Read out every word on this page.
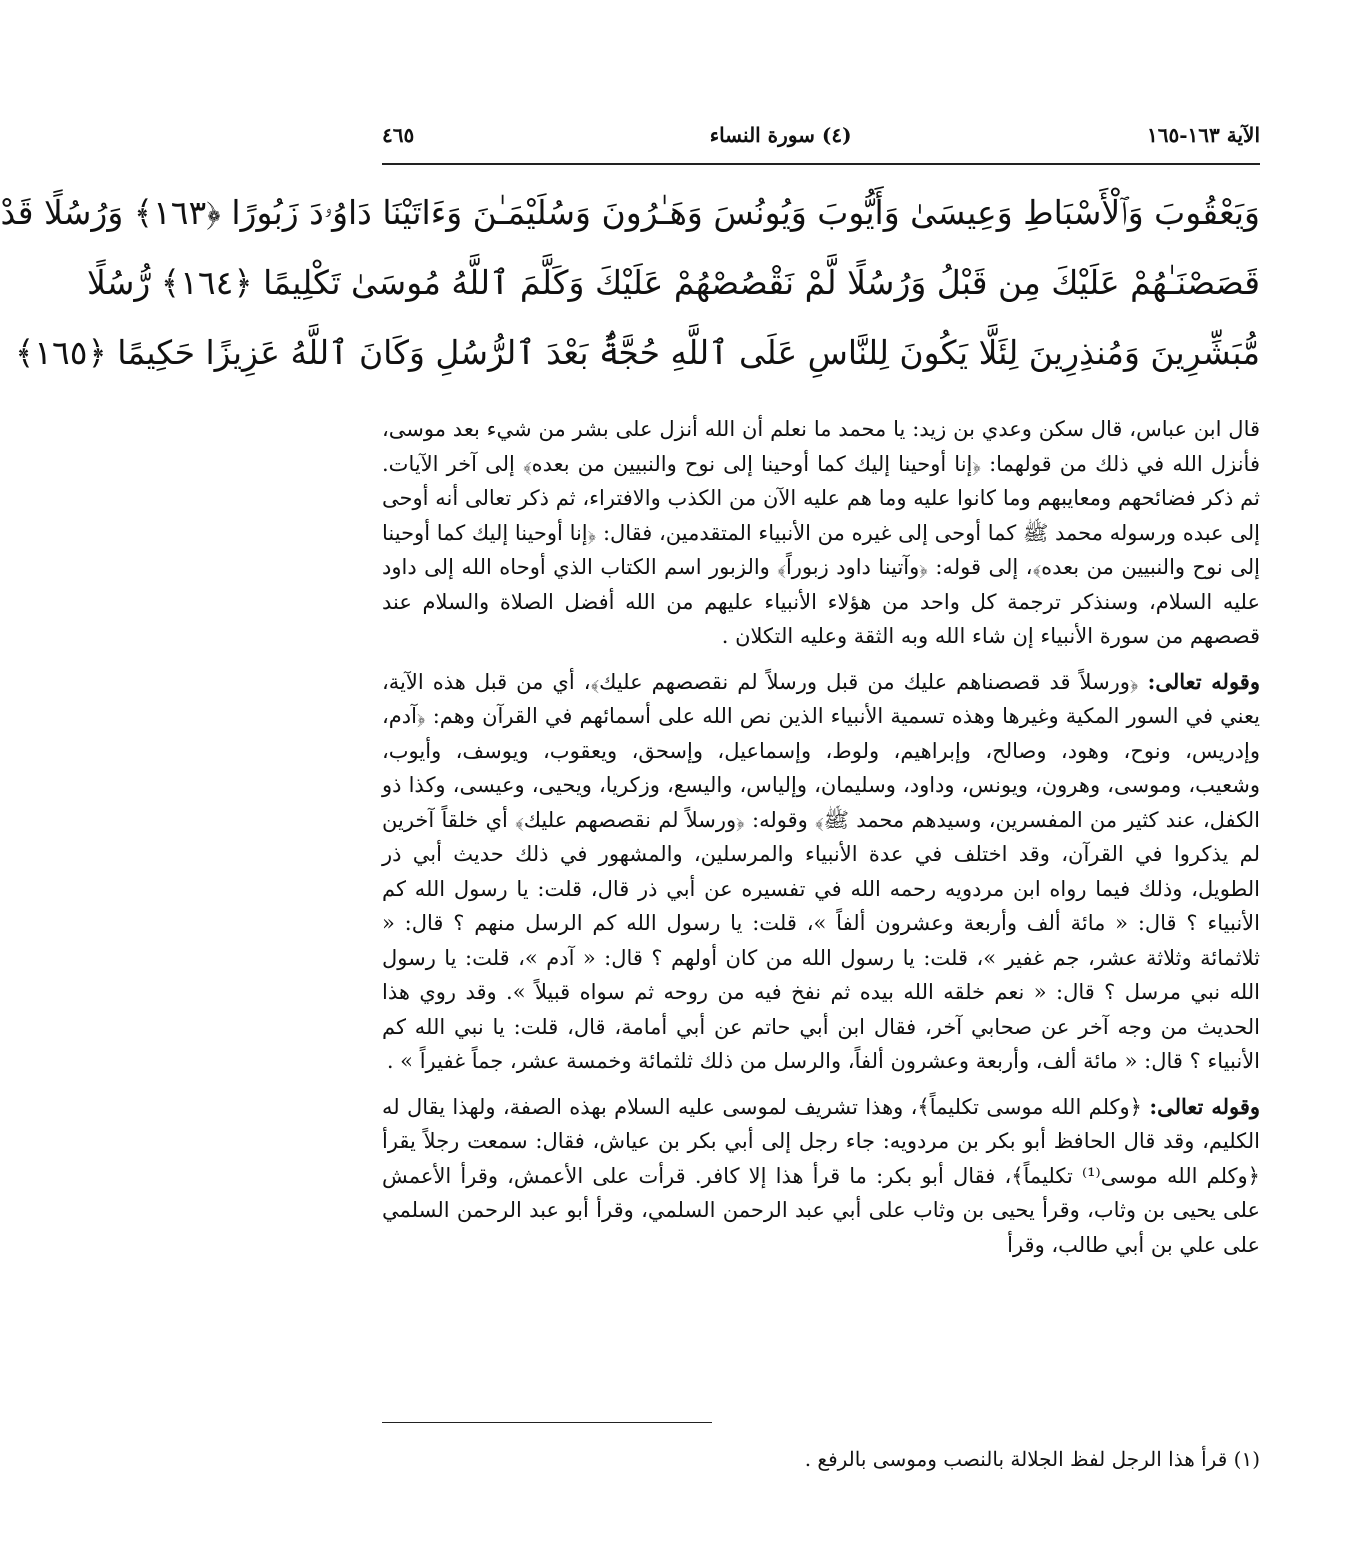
الآية ١٦٣-١٦٥
(٤) سورة النساء
٤٦٥
وَيَعْقُوبَ وَٱلْأَسْبَاطِ وَعِيسَىٰ وَأَيُّوبَ وَيُونُسَ وَهَـٰرُونَ وَسُلَيْمَـٰنَ وَءَاتَيْنَا دَاوُۥدَ زَبُورًا ﴿١٦٣﴾ وَرُسُلًا قَدْ
قَصَصْنَـٰهُمْ عَلَيْكَ مِن قَبْلُ وَرُسُلًا لَّمْ نَقْصُصْهُمْ عَلَيْكَ وَكَلَّمَ ٱللَّهُ مُوسَىٰ تَكْلِيمًا ﴿١٦٤﴾ رُّسُلًا
مُّبَشِّرِينَ وَمُنذِرِينَ لِئَلَّا يَكُونَ لِلنَّاسِ عَلَى ٱللَّهِ حُجَّةٌۢ بَعْدَ ٱلرُّسُلِ وَكَانَ ٱللَّهُ عَزِيزًا حَكِيمًا ﴿١٦٥﴾

قال ابن عباس، قال سكن وعدي بن زيد: يا محمد ما نعلم أن الله أنزل على بشر من شيء بعد موسى، فأنزل الله في ذلك من قولهما: ﴿إنا أوحينا إليك كما أوحينا إلى نوح والنبيين من بعده﴾ إلى آخر الآيات. ثم ذكر فضائحهم ومعايبهم وما كانوا عليه وما هم عليه الآن من الكذب والافتراء، ثم ذكر تعالى أنه أوحى إلى عبده ورسوله محمد ﷺ كما أوحى إلى غيره من الأنبياء المتقدمين، فقال: ﴿إنا أوحينا إليك كما أوحينا إلى نوح والنبيين من بعده﴾، إلى قوله: ﴿وآتينا داود زبوراً﴾ والزبور اسم الكتاب الذي أوحاه الله إلى داود عليه السلام، وسنذكر ترجمة كل واحد من هؤلاء الأنبياء عليهم من الله أفضل الصلاة والسلام عند قصصهم من سورة الأنبياء إن شاء الله وبه الثقة وعليه التكلان .

وقوله تعالى: ﴿ورسلاً قد قصصناهم عليك من قبل ورسلاً لم نقصصهم عليك﴾، أي من قبل هذه الآية، يعني في السور المكية وغيرها وهذه تسمية الأنبياء الذين نص الله على أسمائهم في القرآن وهم: ﴿آدم، وإدريس، ونوح، وهود، وصالح، وإبراهيم، ولوط، وإسماعيل، وإسحق، ويعقوب، ويوسف، وأيوب، وشعيب، وموسى، وهرون، ويونس، وداود، وسليمان، وإلياس، واليسع، وزكريا، ويحيى، وعيسى، وكذا ذو الكفل، عند كثير من المفسرين، وسيدهم محمد ﷺ﴾ وقوله: ﴿ورسلاً لم نقصصهم عليك﴾ أي خلقاً آخرين لم يذكروا في القرآن، وقد اختلف في عدة الأنبياء والمرسلين، والمشهور في ذلك حديث أبي ذر الطويل، وذلك فيما رواه ابن مردويه رحمه الله في تفسيره عن أبي ذر قال، قلت: يا رسول الله كم الأنبياء ؟ قال: « مائة ألف وأربعة وعشرون ألفاً »، قلت: يا رسول الله كم الرسل منهم ؟ قال: « ثلاثمائة وثلاثة عشر، جم غفير »، قلت: يا رسول الله من كان أولهم ؟ قال: « آدم »، قلت: يا رسول الله نبي مرسل ؟ قال: « نعم خلقه الله بيده ثم نفخ فيه من روحه ثم سواه قبيلاً ». وقد روي هذا الحديث من وجه آخر عن صحابي آخر، فقال ابن أبي حاتم عن أبي أمامة، قال، قلت: يا نبي الله كم الأنبياء ؟ قال: « مائة ألف، وأربعة وعشرون ألفاً، والرسل من ذلك ثلثمائة وخمسة عشر، جماً غفيراً » .

وقوله تعالى: ﴿وكلم الله موسى تكليماً﴾، وهذا تشريف لموسى عليه السلام بهذه الصفة، ولهذا يقال له الكليم، وقد قال الحافظ أبو بكر بن مردويه: جاء رجل إلى أبي بكر بن عياش، فقال: سمعت رجلاً يقرأ ﴿وكلم الله موسى⁽¹⁾ تكليماً﴾، فقال أبو بكر: ما قرأ هذا إلا كافر. قرأت على الأعمش، وقرأ الأعمش على يحيى بن وثاب، وقرأ يحيى بن وثاب على أبي عبد الرحمن السلمي، وقرأ أبو عبد الرحمن السلمي على علي بن أبي طالب، وقرأ

(١) قرأ هذا الرجل لفظ الجلالة بالنصب وموسى بالرفع .
